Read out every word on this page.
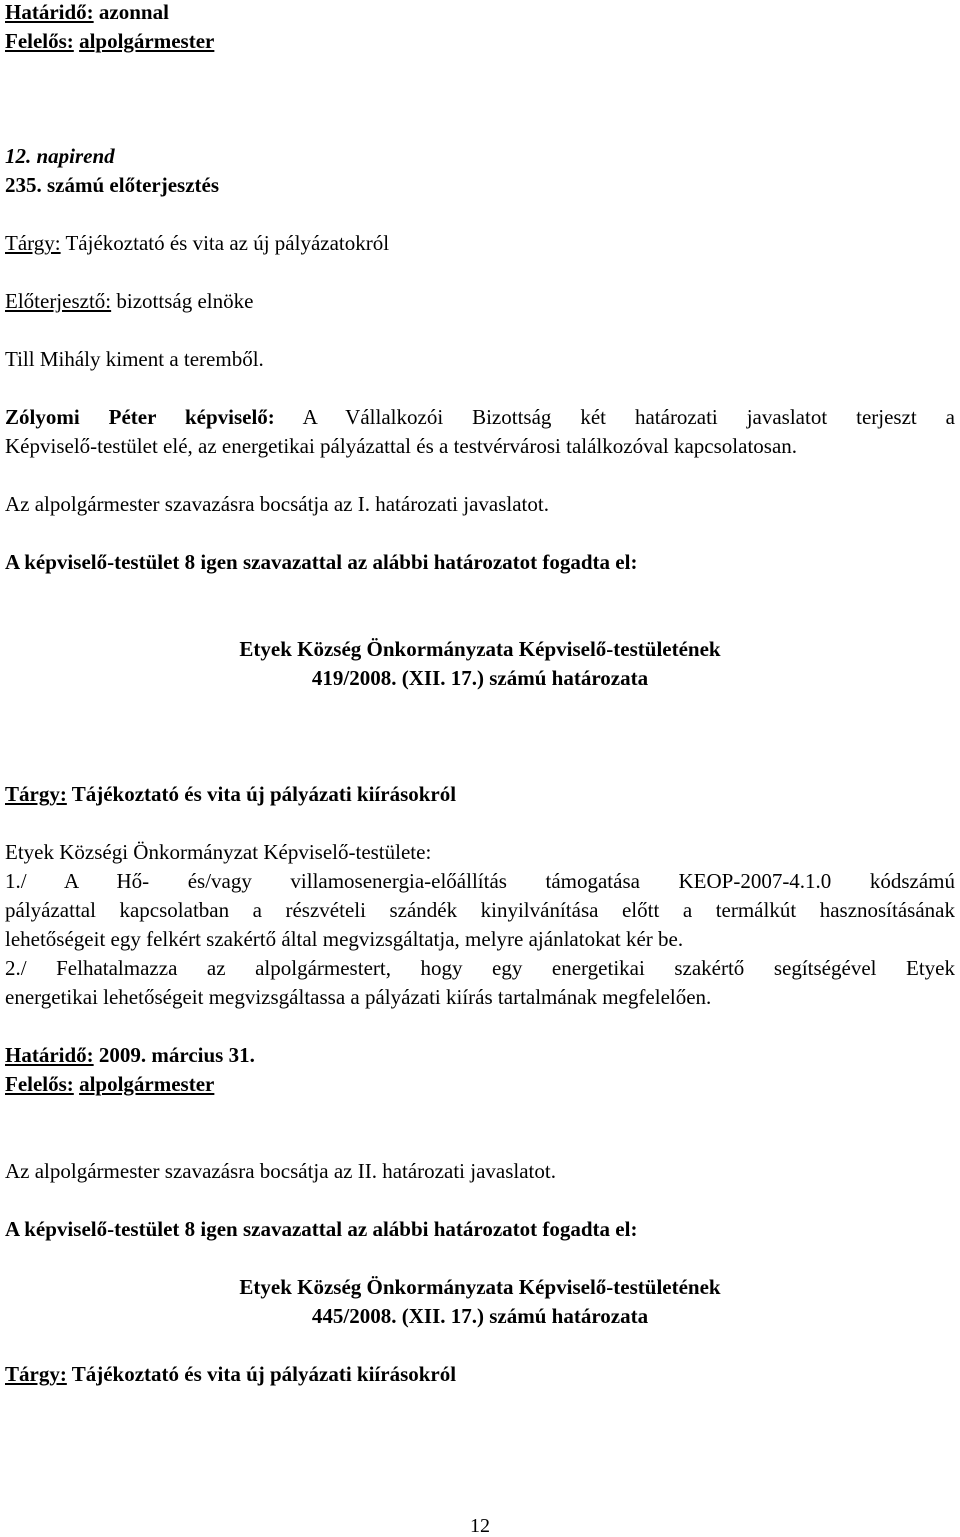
Határidő: azonnal
Felelős: alpolgármester
12. napirend
235. számú előterjesztés
Tárgy: Tájékoztató és vita az új pályázatokról
Előterjesztő: bizottság elnöke
Till Mihály kiment a teremből.
Zólyomi Péter képviselő: A Vállalkozói Bizottság két határozati javaslatot terjeszt a
Képviselő-testület elé, az energetikai pályázattal és a testvérvárosi találkozóval kapcsolatosan.
Az alpolgármester szavazásra bocsátja az I. határozati javaslatot.
A képviselő-testület 8 igen szavazattal az alábbi határozatot fogadta el:
Etyek Község Önkormányzata Képviselő-testületének
419/2008. (XII. 17.) számú határozata
Tárgy: Tájékoztató és vita új pályázati kiírásokról
Etyek Községi Önkormányzat Képviselő-testülete:
1./ A Hő- és/vagy villamosenergia-előállítás támogatása KEOP-2007-4.1.0 kódszámú
pályázattal kapcsolatban a részvételi szándék kinyilvánítása előtt a termálkút hasznosításának
lehetőségeit egy felkért szakértő által megvizsgáltatja, melyre ajánlatokat kér be.
2./ Felhatalmazza az alpolgármestert, hogy egy energetikai szakértő segítségével Etyek
energetikai lehetőségeit megvizsgáltassa a pályázati kiírás tartalmának megfelelően.
Határidő: 2009. március 31.
Felelős: alpolgármester
Az alpolgármester szavazásra bocsátja az II. határozati javaslatot.
A képviselő-testület 8 igen szavazattal az alábbi határozatot fogadta el:
Etyek Község Önkormányzata Képviselő-testületének
445/2008. (XII. 17.) számú határozata
Tárgy: Tájékoztató és vita új pályázati kiírásokról
12
